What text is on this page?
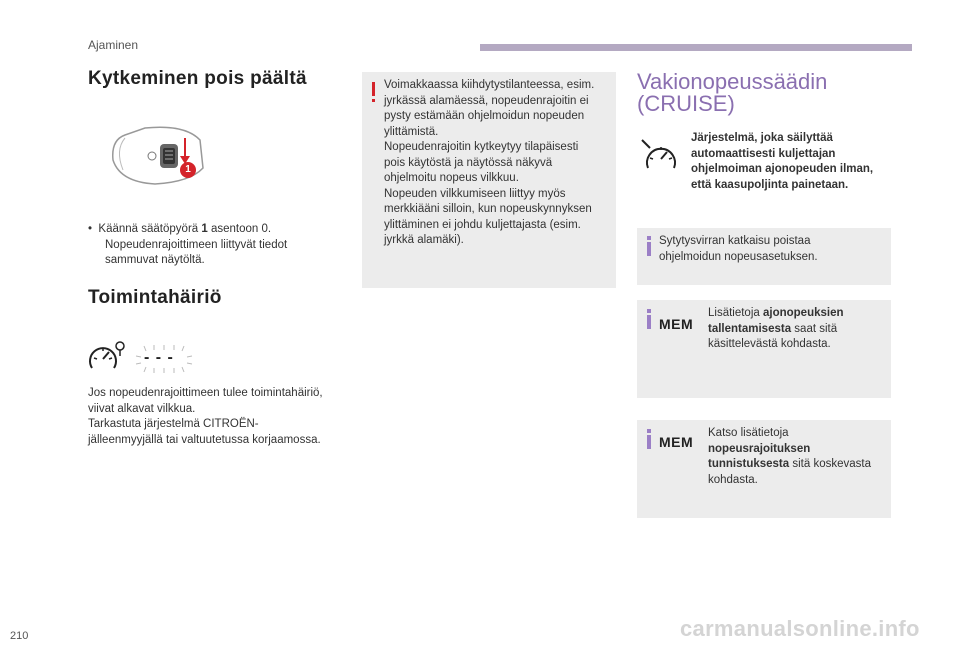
Ajaminen
Kytkeminen pois päältä
1
• Käännä säätöpyörä 1 asentoon 0.
Nopeudenrajoittimeen liittyvät tiedot
sammuvat näytöltä.
Toimintahäiriö
- - -
Jos nopeudenrajoittimeen tulee toimintahäiriö,
viivat alkavat vilkkua.
Tarkastuta järjestelmä CITROËN-
jälleenmyyjällä tai valtuutetussa korjaamossa.
Voimakkaassa kiihdytystilanteessa, esim.
jyrkässä alamäessä, nopeudenrajoitin ei
pysty estämään ohjelmoidun nopeuden
ylittämistä.
Nopeudenrajoitin kytkeytyy tilapäisesti
pois käytöstä ja näytössä näkyvä
ohjelmoitu nopeus vilkkuu.
Nopeuden vilkkumiseen liittyy myös
merkkiääni silloin, kun nopeuskynnyksen
ylittäminen ei johdu kuljettajasta (esim.
jyrkkä alamäki).
Vakionopeussäädin
(CRUISE)
Järjestelmä, joka säilyttää
automaattisesti kuljettajan
ohjelmoiman ajonopeuden ilman,
että kaasupoljinta painetaan.
Sytytysvirran katkaisu poistaa
ohjelmoidun nopeusasetuksen.
MEM
Lisätietoja ajonopeuksien
tallentamisesta saat sitä
käsittelevästä kohdasta.
MEM
Katso lisätietoja
nopeusrajoituksen
tunnistuksesta sitä koskevasta
kohdasta.
210	carmanualsonline.info
